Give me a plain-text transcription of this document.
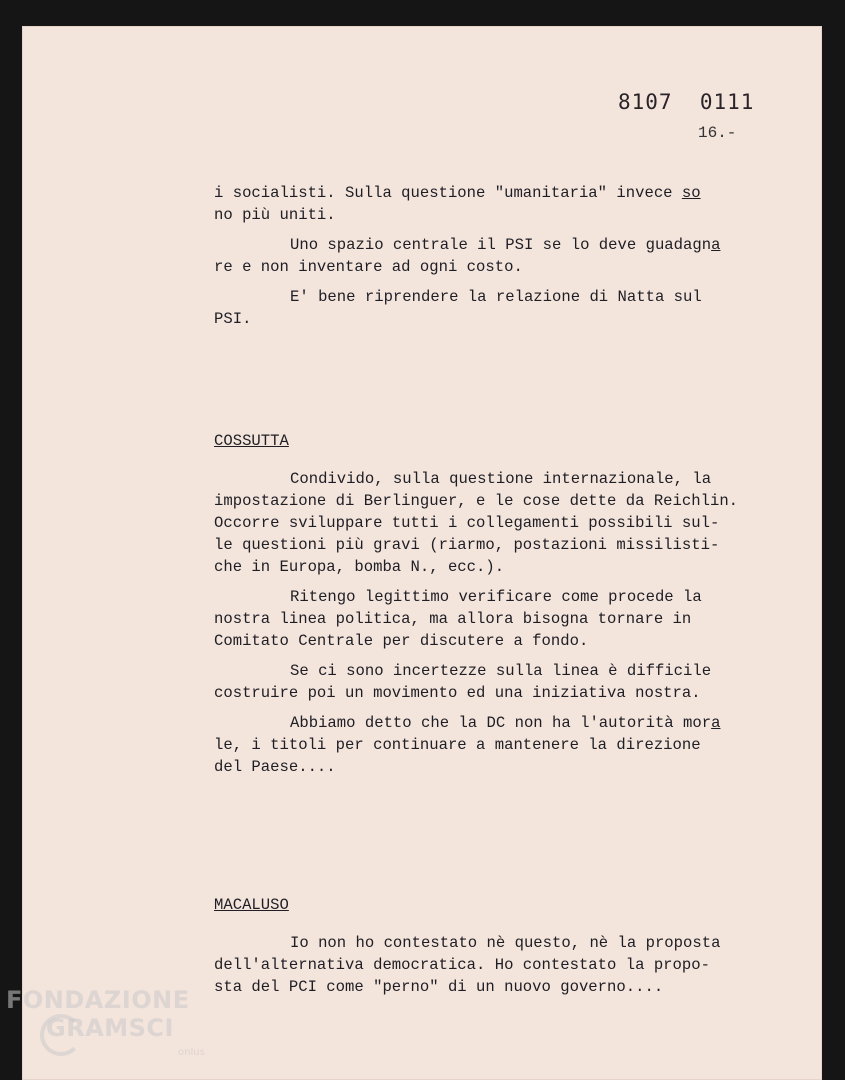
8107  0111
16.-

i socialisti. Sulla questione "umanitaria" invece so
no più uniti.

Uno spazio centrale il PSI se lo deve guadagna
re e non inventare ad ogni costo.

E' bene riprendere la relazione di Natta sul
PSI.

COSSUTTA

Condivido, sulla questione internazionale, la
impostazione di Berlinguer, e le cose dette da Reichlin.
Occorre sviluppare tutti i collegamenti possibili sul-
le questioni più gravi (riarmo, postazioni missilisti-
che in Europa, bomba N., ecc.).

Ritengo legittimo verificare come procede la
nostra linea politica, ma allora bisogna tornare in
Comitato Centrale per discutere a fondo.

Se ci sono incertezze sulla linea è difficile
costruire poi un movimento ed una iniziativa nostra.

Abbiamo detto che la DC non ha l'autorità mora
le, i titoli per continuare a mantenere la direzione
del Paese....

MACALUSO

Io non ho contestato nè questo, nè la proposta
dell'alternativa democratica. Ho contestato la propo-
sta del PCI come "perno" di un nuovo governo....

FONDAZIONE
GRAMSCI
onlus
